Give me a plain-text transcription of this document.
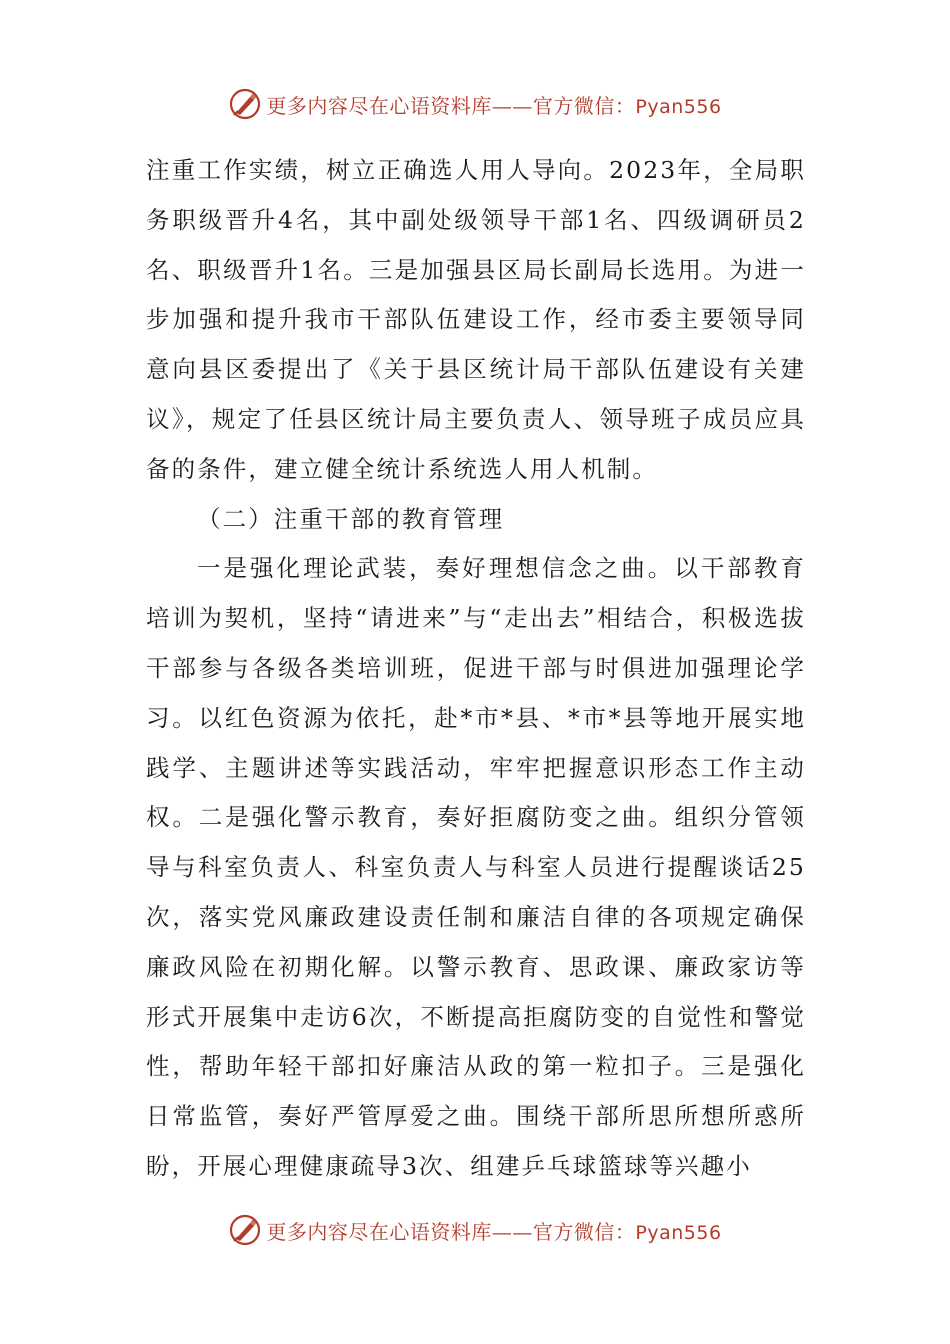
更多内容尽在心语资料库——官方微信：Pyan556

注重工作实绩，树立正确选人用人导向。2023年，全局职务职级晋升4名，其中副处级领导干部1名、四级调研员2名、职级晋升1名。三是加强县区局长副局长选用。为进一步加强和提升我市干部队伍建设工作，经市委主要领导同意向县区委提出了《关于县区统计局干部队伍建设有关建议》，规定了任县区统计局主要负责人、领导班子成员应具备的条件，建立健全统计系统选人用人机制。

（二）注重干部的教育管理

一是强化理论武装，奏好理想信念之曲。以干部教育培训为契机，坚持“请进来”与“走出去”相结合，积极选拔干部参与各级各类培训班，促进干部与时俱进加强理论学习。以红色资源为依托，赴*市*县、*市*县等地开展实地践学、主题讲述等实践活动，牢牢把握意识形态工作主动权。二是强化警示教育，奏好拒腐防变之曲。组织分管领导与科室负责人、科室负责人与科室人员进行提醒谈话25次，落实党风廉政建设责任制和廉洁自律的各项规定确保廉政风险在初期化解。以警示教育、思政课、廉政家访等形式开展集中走访6次，不断提高拒腐防变的自觉性和警觉性，帮助年轻干部扣好廉洁从政的第一粒扣子。三是强化日常监管，奏好严管厚爱之曲。围绕干部所思所想所惑所盼，开展心理健康疏导3次、组建乒乓球篮球等兴趣小

更多内容尽在心语资料库——官方微信：Pyan556
